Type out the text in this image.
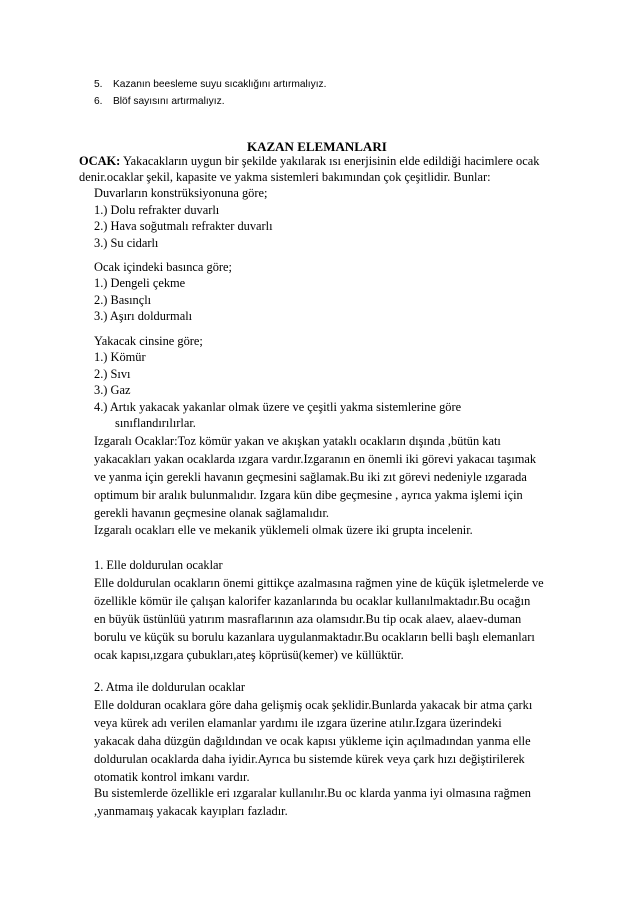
5. Kazanın beesleme suyu sıcaklığını artırmalıyız.
6. Blöf sayısını artırmalıyız.
KAZAN ELEMANLARI
OCAK: Yakacakların uygun bir şekilde yakılarak ısı enerjisinin elde edildiği hacimlere ocak
denir.ocaklar şekil, kapasite ve yakma sistemleri bakımından çok çeşitlidir. Bunlar:
Duvarların konstrüksiyonuna göre;
1.) Dolu refrakter duvarlı
2.) Hava soğutmalı refrakter duvarlı
3.) Su cidarlı
Ocak içindeki basınca göre;
1.) Dengeli çekme
2.) Basınçlı
3.) Aşırı doldurmalı
Yakacak cinsine göre;
1.) Kömür
2.) Sıvı
3.) Gaz
4.) Artık yakacak yakanlar olmak üzere ve çeşitli yakma sistemlerine göre
sınıflandırılırlar.
Izgaralı Ocaklar:Toz kömür yakan ve akışkan yataklı ocakların dışında ,bütün katı
yakacakları yakan ocaklarda ızgara vardır.Izgaranın en önemli iki görevi yakacaı taşımak
ve yanma için gerekli havanın geçmesini sağlamak.Bu iki zıt görevi nedeniyle ızgarada
optimum bir aralık bulunmalıdır. Izgara kün dibe geçmesine , ayrıca yakma işlemi için
gerekli havanın geçmesine olanak sağlamalıdır.
Izgaralı ocakları elle ve mekanik yüklemeli olmak üzere iki grupta incelenir.
1. Elle doldurulan ocaklar
Elle doldurulan ocakların önemi gittikçe azalmasına rağmen yine de küçük işletmelerde ve
özellikle kömür ile çalışan kalorifer kazanlarında bu ocaklar kullanılmaktadır.Bu ocağın
en büyük üstünlüü yatırım masraflarının aza olamsıdır.Bu tip ocak alaev, alaev-duman
borulu ve küçük su borulu kazanlara uygulanmaktadır.Bu ocakların belli başlı elemanları
ocak kapısı,ızgara çubukları,ateş köprüsü(kemer) ve küllüktür.
2. Atma ile doldurulan ocaklar
Elle dolduran ocaklara göre daha gelişmiş ocak şeklidir.Bunlarda yakacak bir atma çarkı
veya kürek adı verilen elamanlar yardımı ile ızgara üzerine atılır.Izgara üzerindeki
yakacak daha düzgün dağıldından ve ocak kapısı yükleme için açılmadından yanma elle
doldurulan ocaklarda daha iyidir.Ayrıca bu sistemde kürek veya çark hızı değiştirilerek
otomatik kontrol imkanı vardır.
Bu sistemlerde özellikle eri ızgaralar kullanılır.Bu oc klarda yanma iyi olmasına rağmen
,yanmamaış yakacak kayıpları fazladır.
